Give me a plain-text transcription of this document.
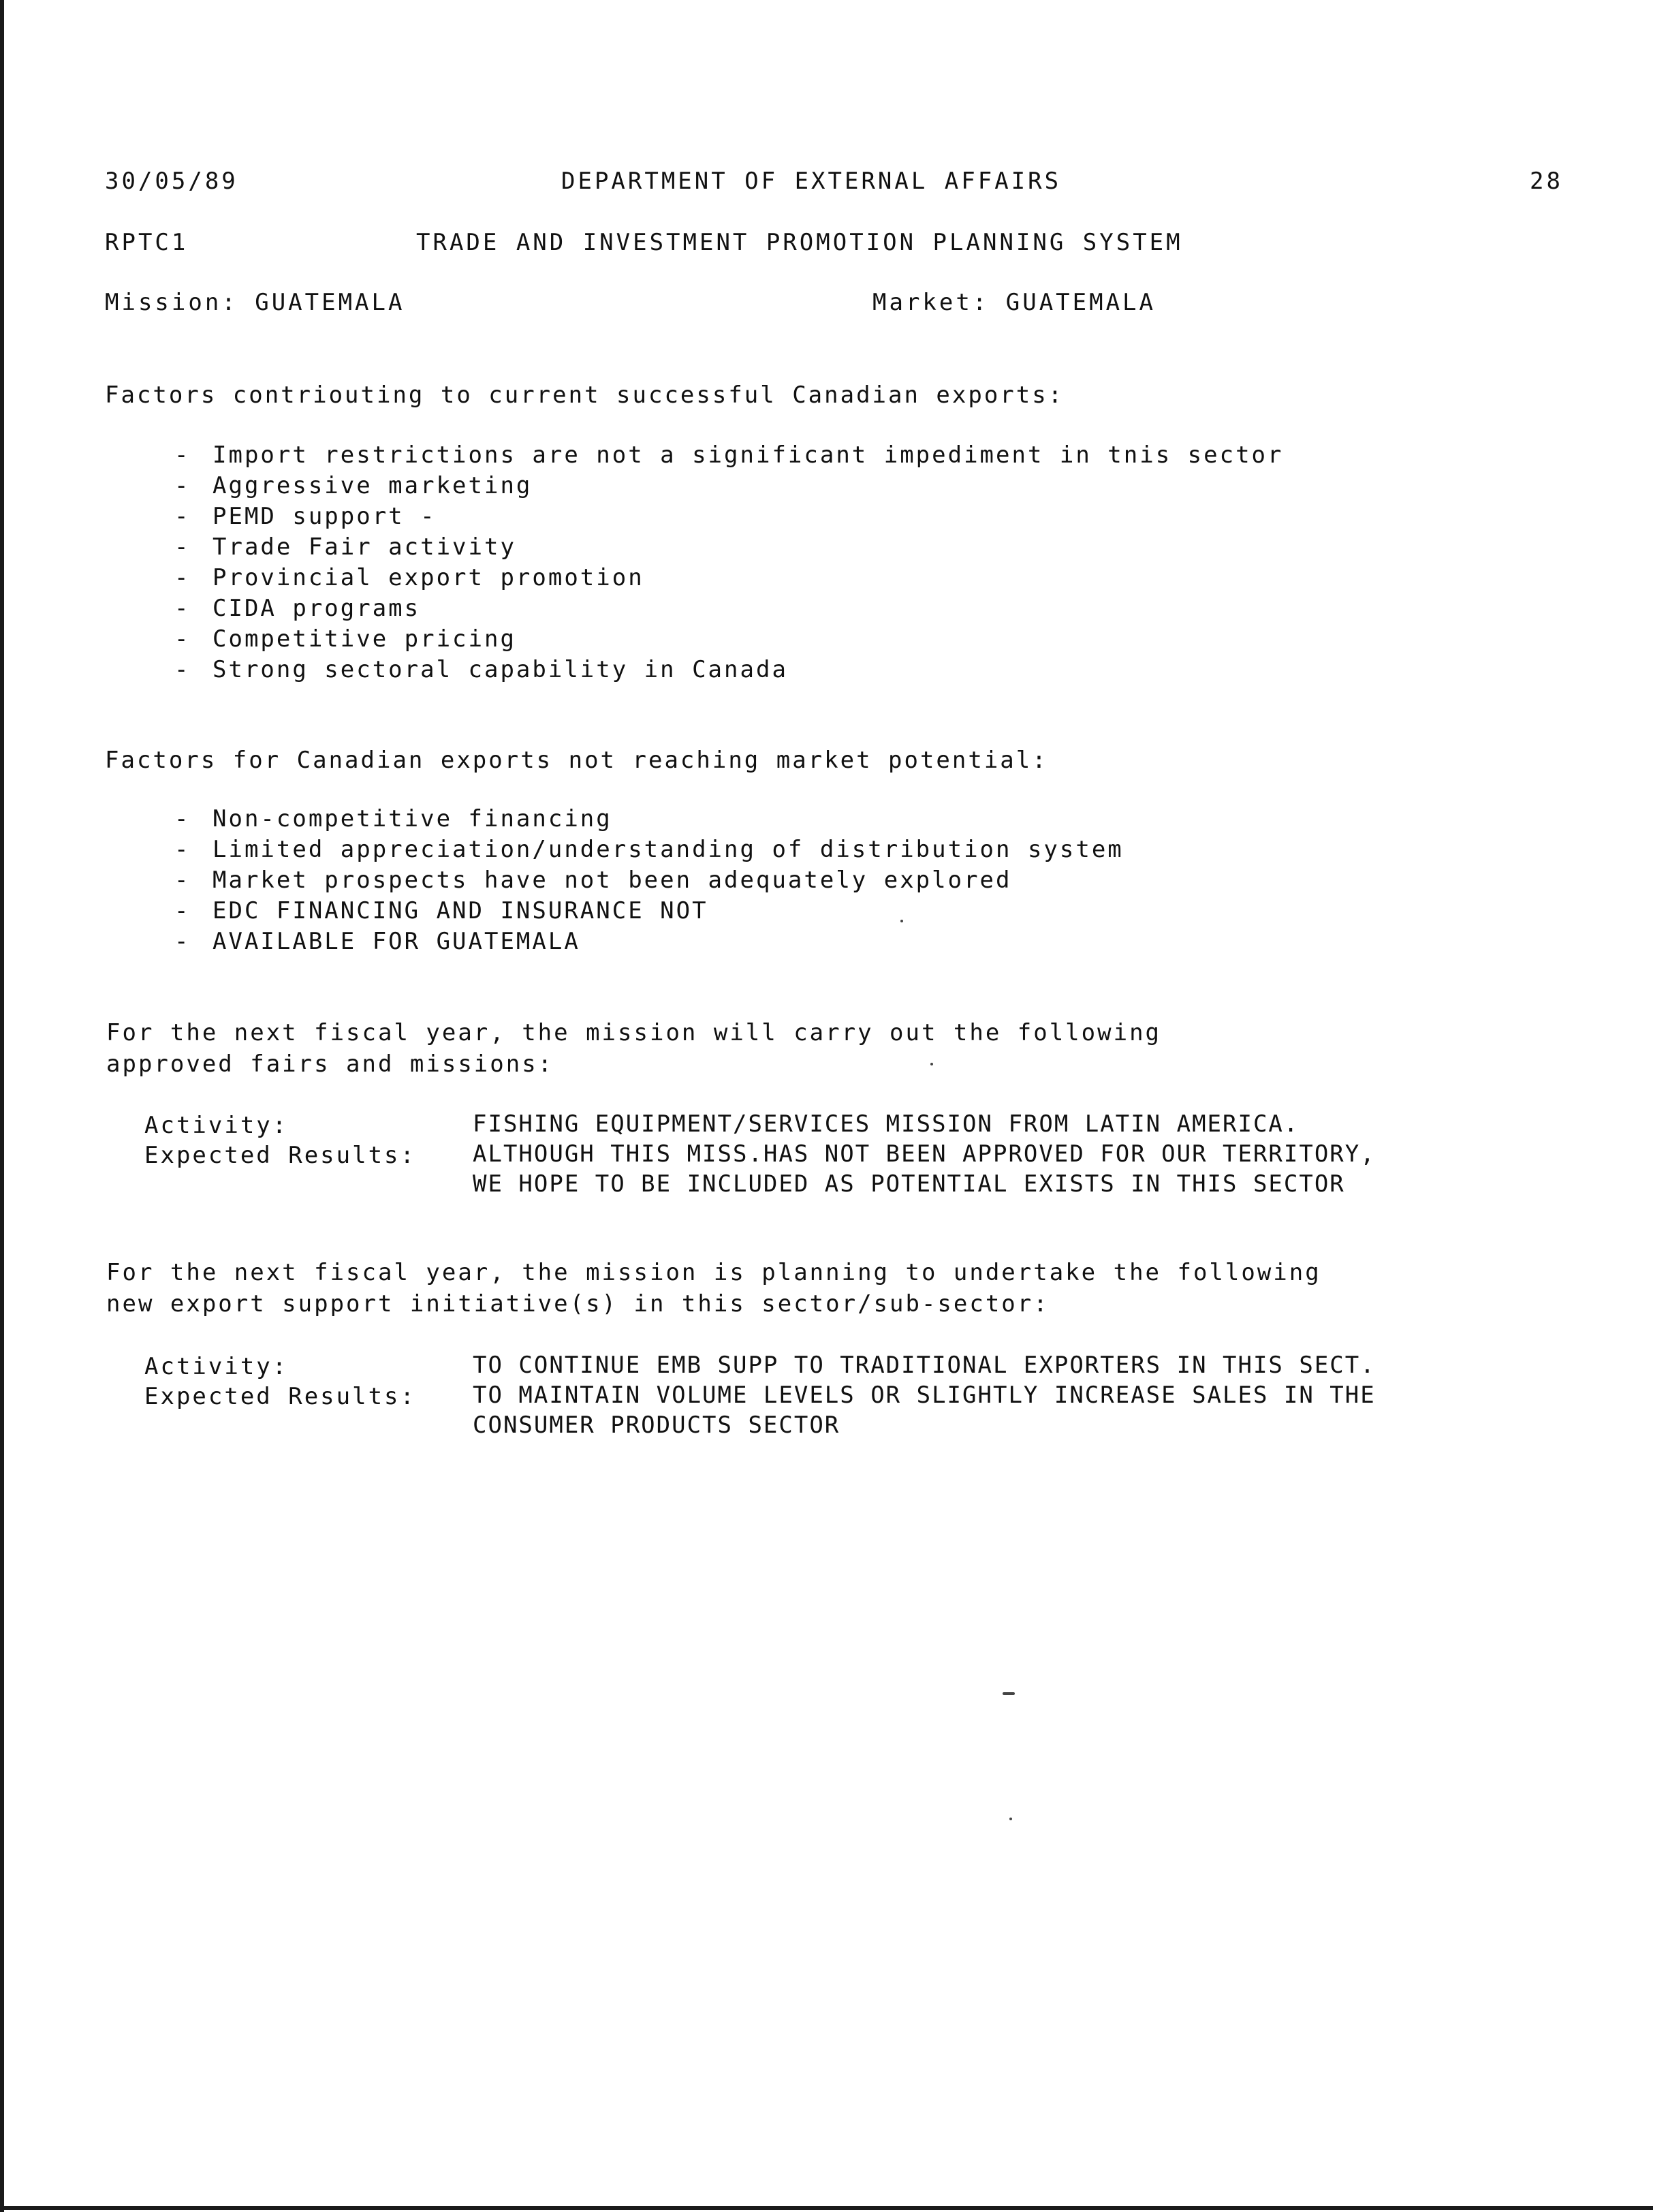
30/05/89	DEPARTMENT OF EXTERNAL AFFAIRS	28
RPTC1	TRADE AND INVESTMENT PROMOTION PLANNING SYSTEM
Mission: GUATEMALA	Market: GUATEMALA
Factors contriouting to current successful Canadian exports:
- Import restrictions are not a significant impediment in tnis sector
- Aggressive marketing
- PEMD support -
- Trade Fair activity
- Provincial export promotion
- CIDA programs
- Competitive pricing
- Strong sectoral capability in Canada
Factors for Canadian exports not reaching market potential:
- Non-competitive financing
- Limited appreciation/understanding of distribution system
- Market prospects have not been adequately explored
- EDC FINANCING AND INSURANCE NOT
- AVAILABLE FOR GUATEMALA
For the next fiscal year, the mission will carry out the following
approved fairs and missions:
Activity:	FISHING EQUIPMENT/SERVICES MISSION FROM LATIN AMERICA.
Expected Results: ALTHOUGH THIS MISS.HAS NOT BEEN APPROVED FOR OUR TERRITORY,
WE HOPE TO BE INCLUDED AS POTENTIAL EXISTS IN THIS SECTOR
For the next fiscal year, the mission is planning to undertake the following
new export support initiative(s) in this sector/sub-sector:
Activity:	TO CONTINUE EMB SUPP TO TRADITIONAL EXPORTERS IN THIS SECT.
Expected Results: TO MAINTAIN VOLUME LEVELS OR SLIGHTLY INCREASE SALES IN THE
CONSUMER PRODUCTS SECTOR
